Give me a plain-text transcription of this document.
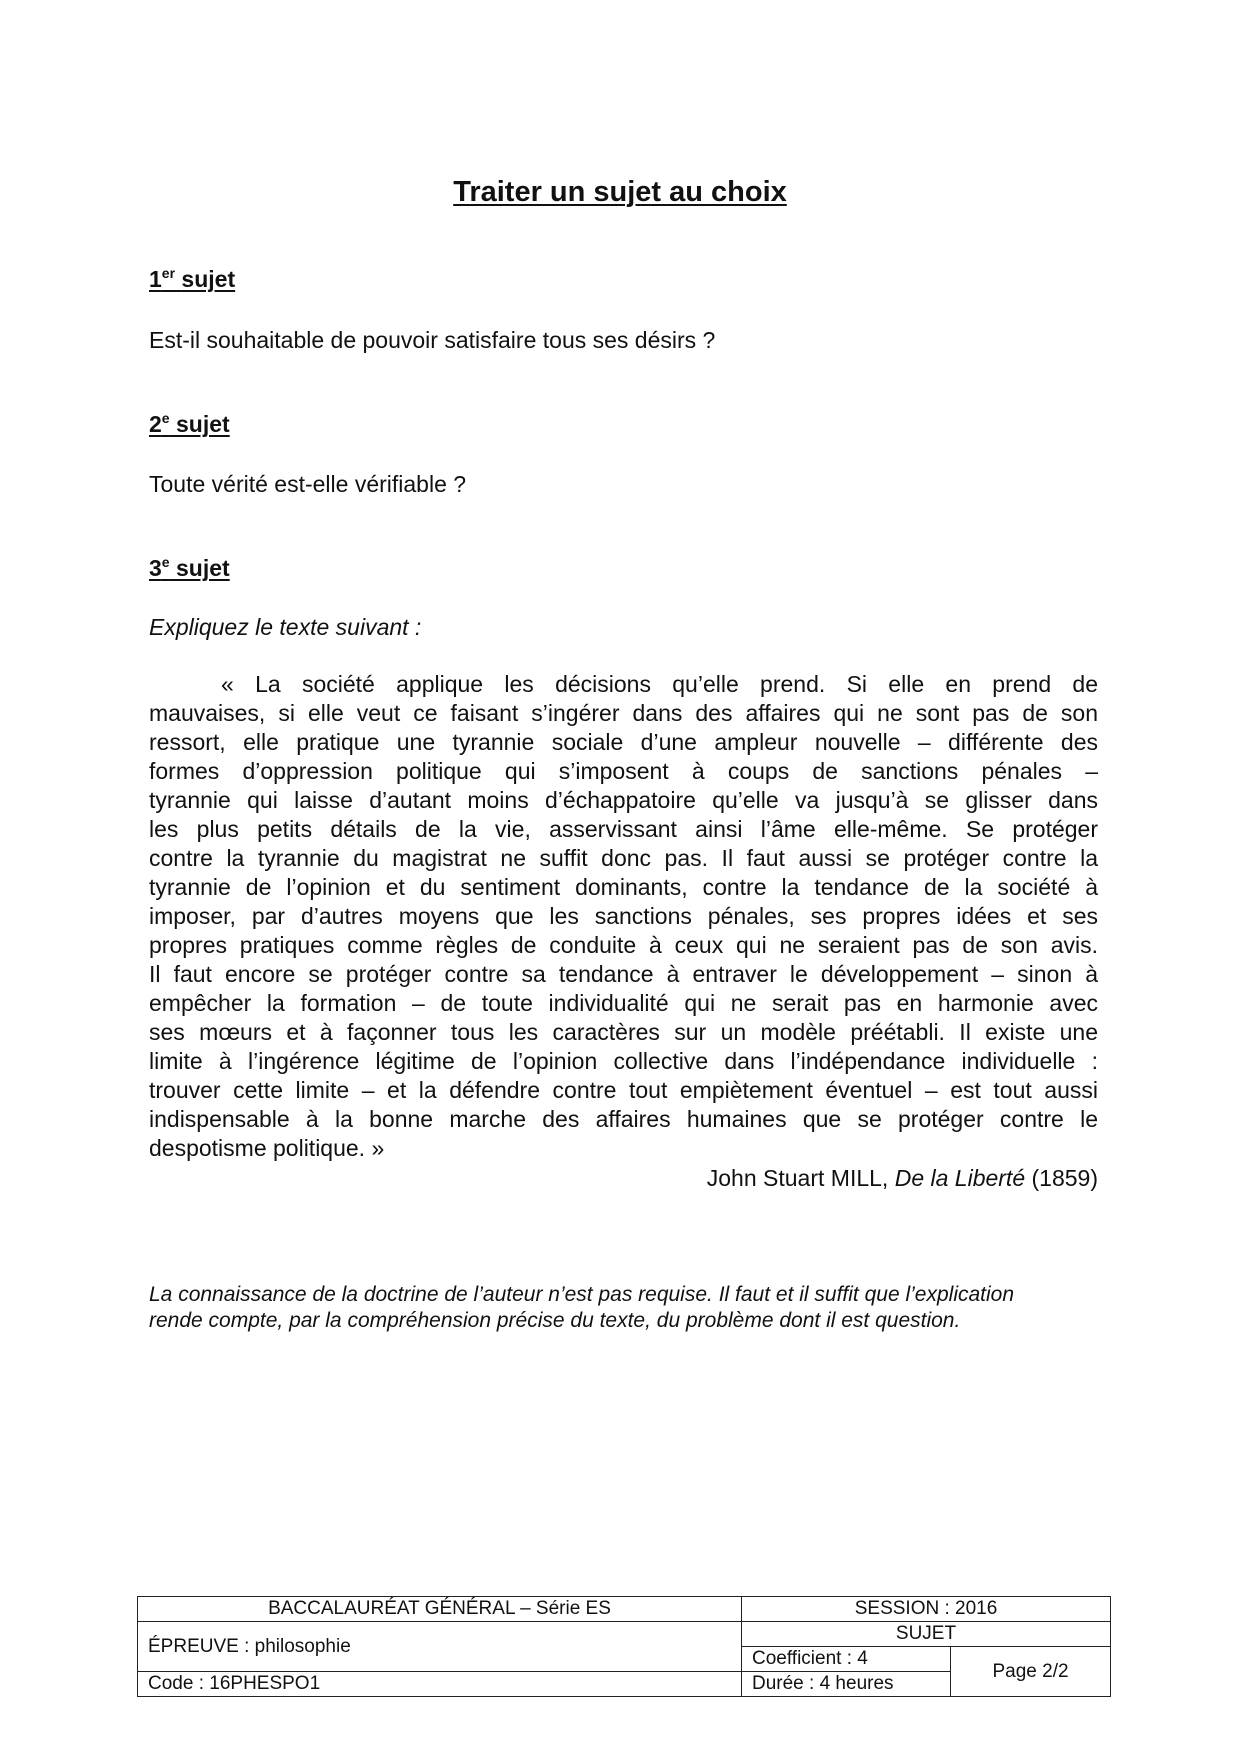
Traiter un sujet au choix
1er sujet
Est-il souhaitable de pouvoir satisfaire tous ses désirs ?
2e sujet
Toute vérité est-elle vérifiable ?
3e sujet
Expliquez le texte suivant :
« La société applique les décisions qu’elle prend. Si elle en prend de
mauvaises, si elle veut ce faisant s’ingérer dans des affaires qui ne sont pas de son
ressort, elle pratique une tyrannie sociale d’une ampleur nouvelle – différente des
formes d’oppression politique qui s’imposent à coups de sanctions pénales –
tyrannie qui laisse d’autant moins d’échappatoire qu’elle va jusqu’à se glisser dans
les plus petits détails de la vie, asservissant ainsi l’âme elle-même. Se protéger
contre la tyrannie du magistrat ne suffit donc pas. Il faut aussi se protéger contre la
tyrannie de l’opinion et du sentiment dominants, contre la tendance de la société à
imposer, par d’autres moyens que les sanctions pénales, ses propres idées et ses
propres pratiques comme règles de conduite à ceux qui ne seraient pas de son avis.
Il faut encore se protéger contre sa tendance à entraver le développement – sinon à
empêcher la formation – de toute individualité qui ne serait pas en harmonie avec
ses mœurs et à façonner tous les caractères sur un modèle préétabli. Il existe une
limite à l’ingérence légitime de l’opinion collective dans l’indépendance individuelle :
trouver cette limite – et la défendre contre tout empiètement éventuel – est tout aussi
indispensable à la bonne marche des affaires humaines que se protéger contre le
despotisme politique. »
John Stuart MILL, De la Liberté (1859)
La connaissance de la doctrine de l’auteur n’est pas requise. Il faut et il suffit que l’explication
rende compte, par la compréhension précise du texte, du problème dont il est question.
BACCALAURÉAT GÉNÉRAL – Série ES	SESSION : 2016	
ÉPREUVE : philosophie	SUJET	
	Coefficient : 4	Page 2/2
Code : 16PHESPO1	Durée : 4 heures	
